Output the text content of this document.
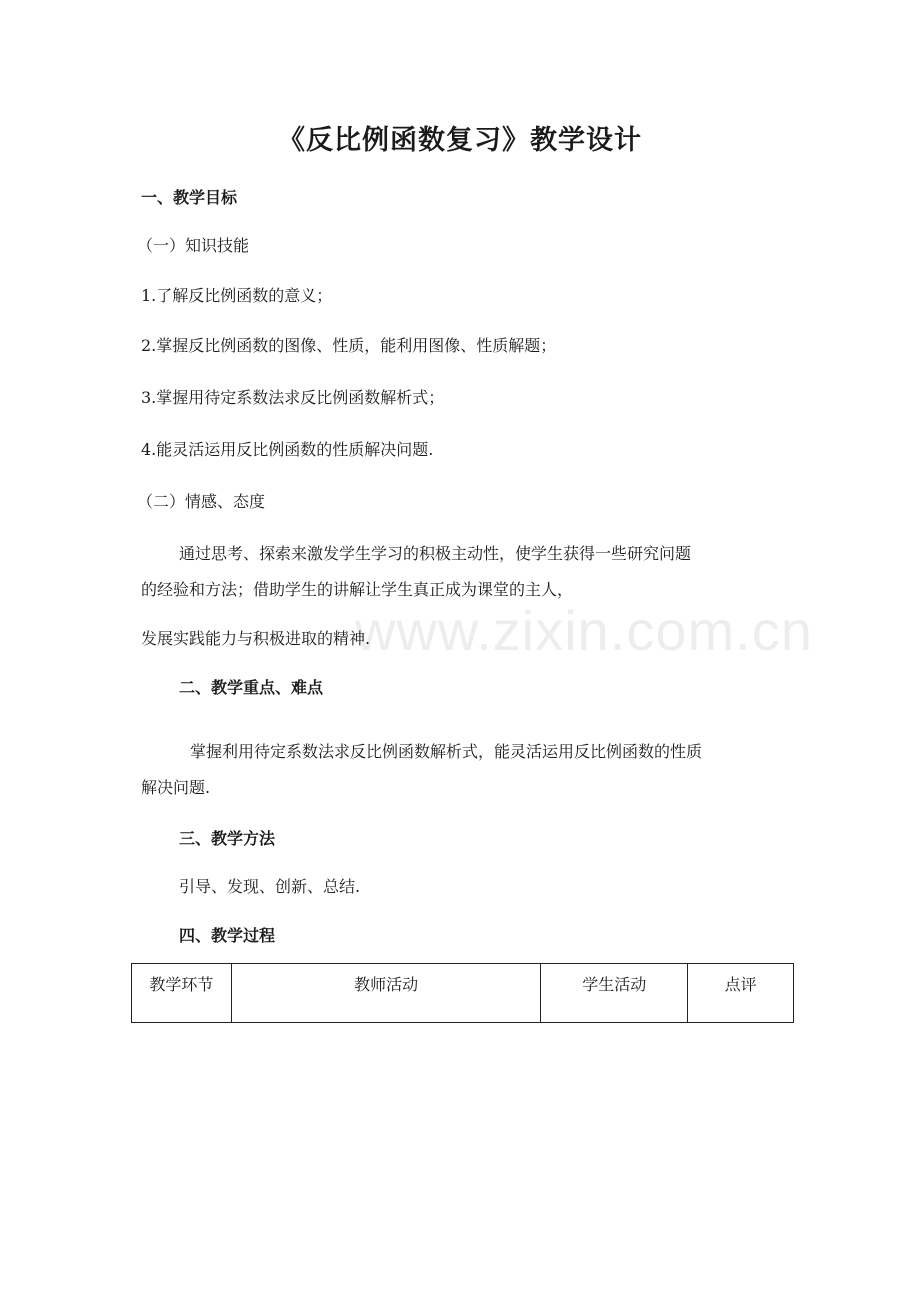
www.zixin.com.cn
《反比例函数复习》教学设计
一、教学目标
（一）知识技能
1.了解反比例函数的意义；
2.掌握反比例函数的图像、性质，能利用图像、性质解题；
3.掌握用待定系数法求反比例函数解析式；
4.能灵活运用反比例函数的性质解决问题.
（二）情感、态度
通过思考、探索来激发学生学习的积极主动性，使学生获得一些研究问题
的经验和方法；借助学生的讲解让学生真正成为课堂的主人，
发展实践能力与积极进取的精神.
二、教学重点、难点
掌握利用待定系数法求反比例函数解析式，能灵活运用反比例函数的性质
解决问题.
三、教学方法
引导、发现、创新、总结.
四、教学过程
教学环节	教师活动	学生活动	点评
